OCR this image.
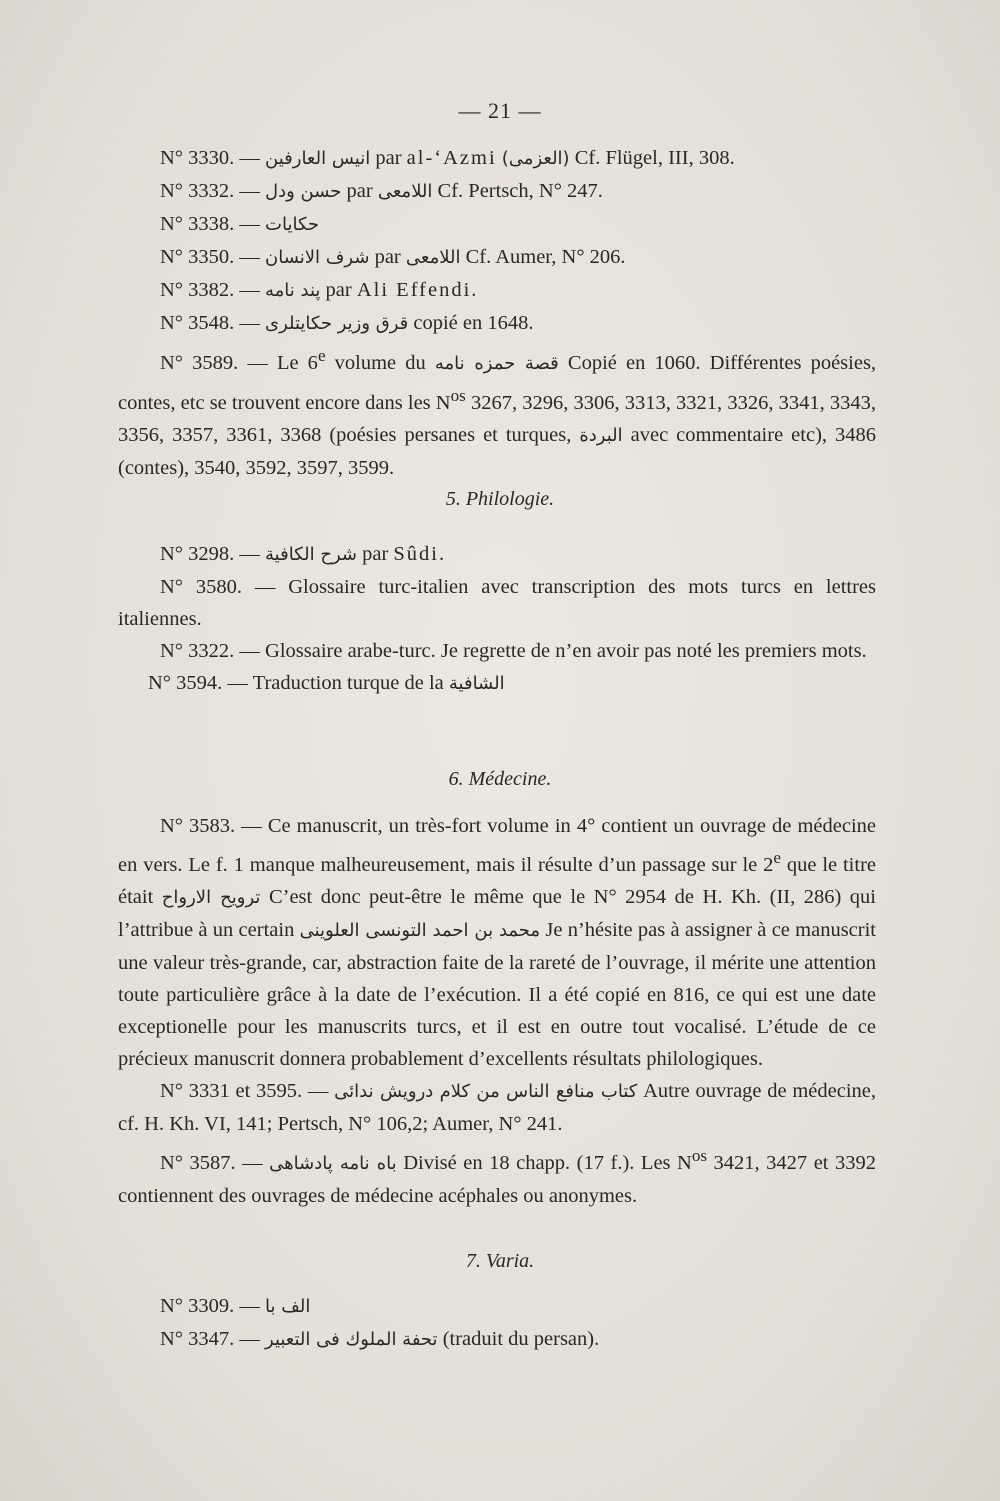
— 21 —

N° 3330. — انيس العارفين par al-‘Azmi (العزمى) Cf. Flügel, III, 308.

N° 3332. — حسن ودل par اللامعى Cf. Pertsch, N° 247.

N° 3338. — حكايات

N° 3350. — شرف الانسان par اللامعى Cf. Aumer, N° 206.

N° 3382. — پند نامه par Ali Effendi.

N° 3548. — قرق وزير حكايتلرى copié en 1648.

N° 3589. — Le 6e volume du قصة حمزه نامه Copié en 1060. Différentes poésies, contes, etc se trouvent encore dans les $N^{os}$ 3267, 3296, 3306, 3313, 3321, 3326, 3341, 3343, 3356, 3357, 3361, 3368 (poésies persanes et turques, البردة avec commentaire etc), 3486 (contes), 3540, 3592, 3597, 3599.

5. Philologie.

N° 3298. — شرح الكافية par Sûdi.

N° 3580. — Glossaire turc-italien avec transcription des mots turcs en lettres italiennes.

N° 3322. — Glossaire arabe-turc. Je regrette de n’en avoir pas noté les premiers mots.

N° 3594. — Traduction turque de la الشافية

6. Médecine.

N° 3583. — Ce manuscrit, un très-fort volume in 4° contient un ouvrage de médecine en vers. Le f. 1 manque malheureusement, mais il résulte d’un passage sur le 2e que le titre était ترويح الارواح C’est donc peut-être le même que le N° 2954 de H. Kh. (II, 286) qui l’attribue à un certain محمد بن احمد التونسى العلوينى Je n’hésite pas à assigner à ce manuscrit une valeur très-grande, car, abstraction faite de la rareté de l’ouvrage, il mérite une attention toute particulière grâce à la date de l’exécution. Il a été copié en 816, ce qui est une date exceptionelle pour les manuscrits turcs, et il est en outre tout vocalisé. L’étude de ce précieux manuscrit donnera probablement d’excellents résultats philologiques.

N° 3331 et 3595. — كتاب منافع الناس من كلام درويش ندائى Autre ouvrage de médecine, cf. H. Kh. VI, 141; Pertsch, N° 106,2; Aumer, N° 241.

N° 3587. — باه نامه پادشاهى Divisé en 18 chapp. (17 f.). Les $N^{os}$ 3421, 3427 et 3392 contiennent des ouvrages de médecine acéphales ou anonymes.

7. Varia.

N° 3309. — الف با

N° 3347. — تحفة الملوك فى التعبير (traduit du persan).
